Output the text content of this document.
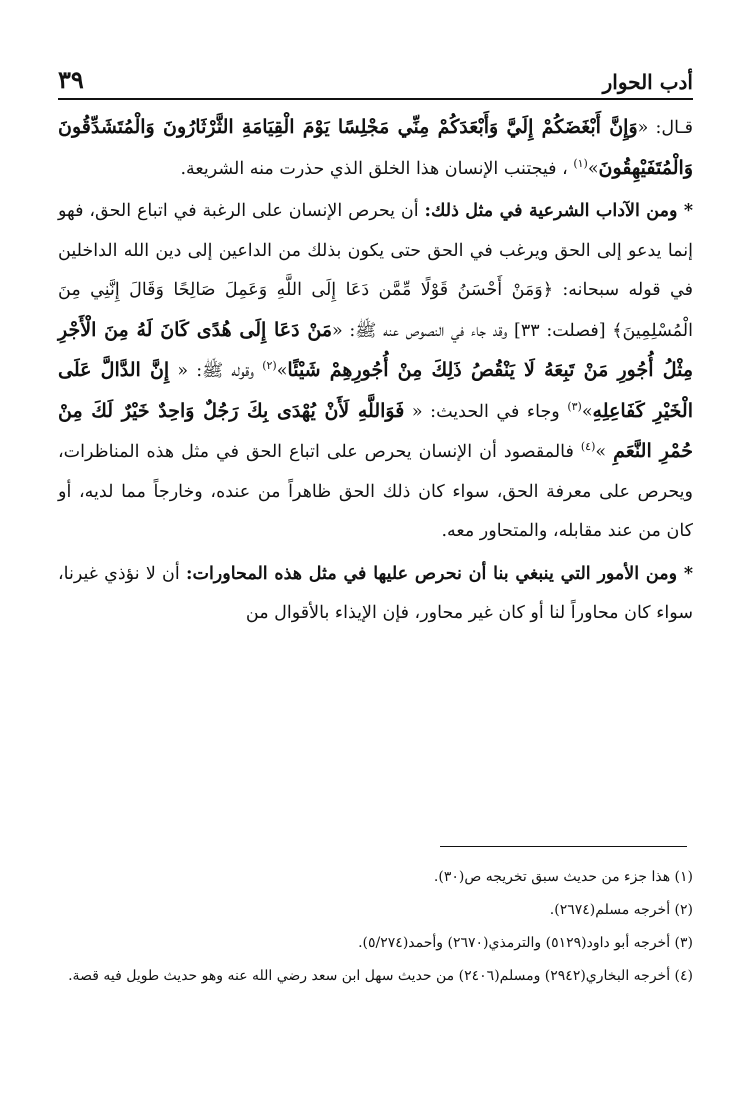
٣٩	أدب الحوار

قـال: «وَإِنَّ أَبْغَضَكُمْ إِلَيَّ وَأَبْعَدَكُمْ مِنِّي مَجْلِسًا يَوْمَ الْقِيَامَةِ الثَّرْثَارُونَ وَالْمُتَشَدِّقُونَ وَالْمُتَفَيْهِقُونَ»$^{(١)}$ ، فيجتنب الإنسان هذا الخلق الذي حذرت منه الشريعة.

* ومن الآداب الشرعية في مثل ذلك: أن يحرص الإنسان على الرغبة في اتباع الحق، فهو إنما يدعو إلى الحق ويرغب في الحق حتى يكون بذلك من الداعين إلى دين الله الداخلين في قوله سبحانه: ﴿وَمَنْ أَحْسَنُ قَوْلًا مِّمَّن دَعَا إِلَى اللَّهِ وَعَمِلَ صَالِحًا وَقَالَ إِنَّنِي مِنَ الْمُسْلِمِينَ﴾ [فصلت: ٣٣] وقد جاء في النصوص عنه ﷺ: «مَنْ دَعَا إِلَى هُدًى كَانَ لَهُ مِنَ الْأَجْرِ مِثْلُ أُجُورِ مَنْ تَبِعَهُ لَا يَنْقُصُ ذَلِكَ مِنْ أُجُورِهِمْ شَيْئًا»$^{(٢)}$ وقوله ﷺ: « إِنَّ الدَّالَّ عَلَى الْخَيْرِ كَفَاعِلِهِ»$^{(٣)}$ وجاء في الحديث: « فَوَاللَّهِ لَأَنْ يُهْدَى بِكَ رَجُلٌ وَاحِدٌ خَيْرٌ لَكَ مِنْ حُمْرِ النَّعَمِ »$^{(٤)}$ فالمقصود أن الإنسان يحرص على اتباع الحق في مثل هذه المناظرات، ويحرص على معرفة الحق، سواء كان ذلك الحق ظاهراً من عنده، وخارجاً مما لديه، أو كان من عند مقابله، والمتحاور معه.

* ومن الأمور التي ينبغي بنا أن نحرص عليها في مثل هذه المحاورات: أن لا نؤذي غيرنا، سواء كان محاوراً لنا أو كان غير محاور، فإن الإيذاء بالأقوال من

(١) هذا جزء من حديث سبق تخريجه ص(٣٠).

(٢) أخرجه مسلم(٢٦٧٤).

(٣) أخرجه أبو داود(٥١٢٩) والترمذي(٢٦٧٠) وأحمد(٥/٢٧٤).

(٤) أخرجه البخاري(٢٩٤٢) ومسلم(٢٤٠٦) من حديث سهل ابن سعد رضي الله عنه وهو حديث طويل فيه قصة.
